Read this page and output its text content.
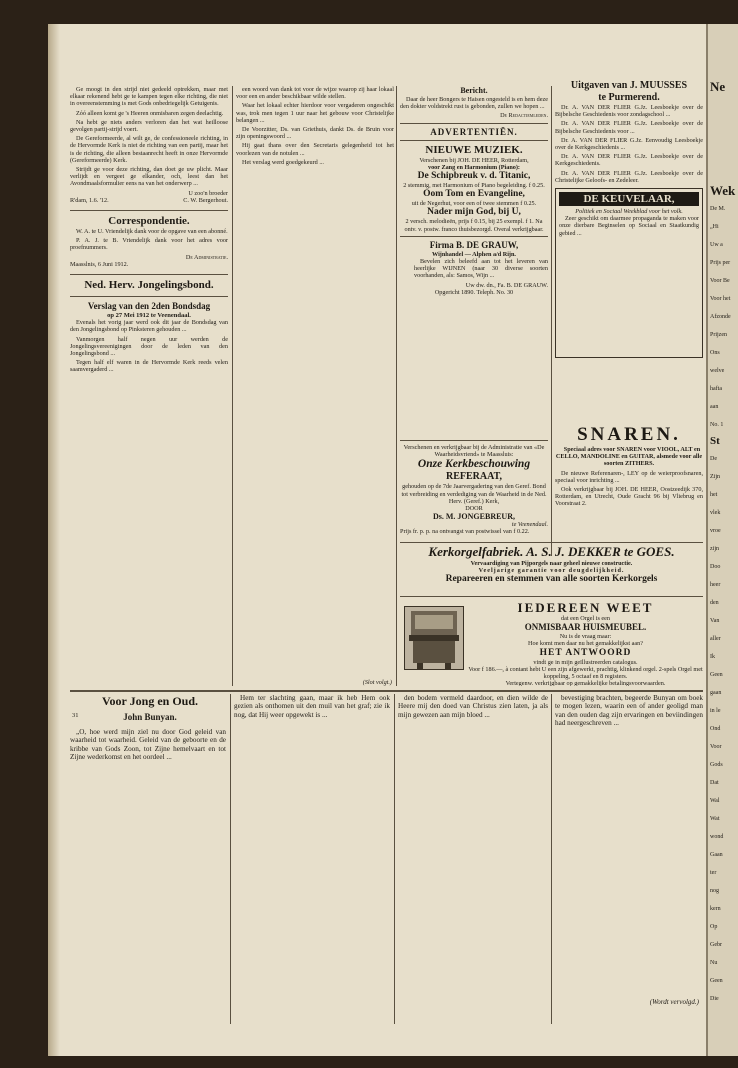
Ge moogt in den strijd niet gedeeld optrekken, maar met elkaar rekenend hebt ge te kampen tegen elke richting, die niet in overeenstemming is met Gods onbedriegelijk Getuigenis.

Zóó alleen komt ge 's Heeren onmisbaren zegen deelachtig.

Na hebt ge niets anders verloren dan het wat heilloose gevolgen partij-strijd voert.

De Gereformeerde, al wilt ge, de confessioneele richting, in de Hervormde Kerk is niet de richting van een partij, maar het is de richting, die alleen bestaanrecht heeft in onze Hervormde (Gereformeerde) Kerk.

Strijdt ge voor deze richting, dan doet ge uw plicht. Maar verlijdt en vergeet ge elkander, och, leest dan het Avondmaalsformulier eens na van het onderwerp ...

U zoo'n broeder
R'dam, 1.6. '12.	C. W. Bergerhout.
Correspondentie.

W. A. te U. Vriendelijk dank voor de opgave van een abonné.

P. A. J. te B. Vriendelijk dank voor het adres voor proefnummers.

De Administratie.
Maasslnis, 6 Juni 1912.
Ned. Herv. Jongelingsbond.
Verslag van den 2den Bondsdag
op 27 Mei 1912 te Veenendaal.

Evenals het vorig jaar werd ook dit jaar de Bondsdag van den Jongelingsbond op Pinksteren gehouden ...

Vanmorgen half negen uur werden de Jongelingsvereenigingen door de leden van den Jongelingsbond ...

Tegen half elf waren in de Hervormde Kerk reeds velen saamvergaderd ...

een woord van dank tot voor de wijze waarop zij haar lokaal voor een en ander beschikbaar wilde stellen.

Waar het lokaal echter hierdoor voor vergaderen ongeschikt was, trok men tegen 1 uur naar het gebouw voor Christelijke belangen ...

De Voorzitter, Ds. van Griethuis, dankt Ds. de Bruin voor zijn openingswoord ...

Hij gaat thans over den Secretaris gelegenheid tot het voorlezen van de notulen ...

Het verslag werd goedgekeurd ...

(Slot volgt.)
Bericht.

Daar de heer Bongers te Haisen ongesteld is en hem deze den dokter voldstrekt rust is gebonden, zullen we hopen ...

De Redactiemleden.
ADVERTENTIËN.
NIEUWE MUZIEK.
Verschenen bij JOH. DE HEER, Rotterdam,
voor Zang en Harmonium (Piano):
De Schipbreuk v. d. Titanic,
2 stemmig, met Harmonium of Piano begeleiding. f 0.25.
Oom Tom en Evangeline,
uit de Negerhut, voor een of twee stemmen f 0.25.
Nader mijn God, bij U,
2 versch. melodieën, prijs f 0.15, bij 25 exempl. f 1. Na ontv. v. postw. franco thuisbezorgd. Overal verkrijgbaar.
Firma B. DE GRAUW,
Wijnhandel — Alphen a/d Rijn.

Bevelen zich beleefd aan tot het leveren van heerlijke WIJNEN (naar 30 diverse soorten voorhanden, als: Samos, Wijn ...

Uw dw. dn., Fa. B. DE GRAUW.
Opgericht 1890. Teleph. No. 30
Verschenen en verkrijgbaar bij de Administratie van «De Waarheidsvriend» te Maassluis:
Onze Kerkbeschouwing
REFERAAT,
gehouden op de 7de Jaarvergadering van den Geref. Bond tot verbreiding en verdediging van de Waarheid in de Ned. Herv. (Geref.) Kerk,
DOOR
Ds. M. JONGEBREUR,
te Veenendaal.
Prijs fr. p. p. na ontvangst van postwissel van f 0.22.
Uitgaven van J. MUUSSES
te Purmerend.

Dr. A. VAN DER FLIER G.Jz. Leesboekje over de Bijbelsche Geschiedenis voor zondagschool ...

Dr. A. VAN DER FLIER G.Jz. Leesboekje over de Bijbelsche Geschiedenis voor ...

Dr. A. VAN DER FLIER G.Jz. Eenvoudig Leesboekje over de Kerkgeschiedenis ...

Dr. A. VAN DER FLIER G.Jz. Leesboekje over de Kerkgeschiedenis.

Dr. A. VAN DER FLIER G.Jz. Leesboekje over de Christelijke Geloofs- en Zedeleer.

DE KEUVELAAR,
Politiek en Sociaal Weekblad voor het volk.

Zeer geschikt om daarmee propaganda te maken voor onze dierbare Beginselen op Sociaal en Staatkundig gebied ...

SNAREN.

Speciaal adres voor SNAREN voor VIOOL, ALT en CELLO, MANDOLINE en GUITAR, alsmede voor alle soorten ZITHERS.

De nieuwe Referenaren-, LEY op de weierproofsnaren, speciaal voor inrichting ...

Ook verkrijgbaar bij JOH. DE HEER, Oostzeedijk 370, Rotterdam, en Utrecht, Oude Gracht 96 bij Vliebrug en Voorstraat 2.

Kerkorgelfabriek. A. S. J. DEKKER te GOES.
Vervaardiging van Pijporgels naar geheel nieuwe constructie.
Veeljarige garantie voor deugdelijkheid.
Repareeren en stemmen van alle soorten Kerkorgels
IEDEREEN WEET
dat een Orgel is een
ONMISBAAR HUISMEUBEL.
Nu is de vraag maar:
Hoe komt men daar nu het gemakkelijkst aan?
HET ANTWOORD
vindt ge in mijn geïllustreerden catalogus.
Voor f 186.—, à contant hebt U een zijn afgewerkt, prachtig, klinkend orgel. 2-spels Orgel met koppeling, 5 octaaf en 8 registers.
Vertegenw. verkrijgbaar op gemakkelijke betalingsvoorwaarden.
Voor Jong en Oud.
31	John Bunyan.

„O, hoe werd mijn ziel nu door God geleid van waarheid tot waarheid. Geleid van de geboorte en de kribbe van Gods Zoon, tot Zijne hemelvaart en tot Zijne wederkomst en het oordeel ...

Hem ter slachting gaan, maar ik heb Hem ook gezien als onthomen uit den muil van het graf; zie ik nog, dat Hij weer opgewekt is ...

den bodem vermeld daardoor, en dien wilde de Heere mij den doed van Christus zien laten, ja als mijn gewezen aan mijn bloed ...

bevestiging brachten, begeerde Bunyan om boek te mogen lezen, waarin een of ander geoligd man van den ouden dag zijn ervaringen en beviindingen had neergeschreven ...

(Wordt vervolgd.)
Ne
Wek
De M.
„Hi
Uw a
Prijs per
Voor Be
Voor het
Afzonde
Prijzen
Ons
welve
hafta
aan
No. 1
St
De
Zijn
het
vlek
vroe
zijn
Doo
heer
den
Van
aller
Ik
Geen
gaan
in le
Ond
Voor
Gods
Dat
Wal
Wat
wond
Gaan
ter
nog
kern
Op
Gebr
Nu
Geen
Die
